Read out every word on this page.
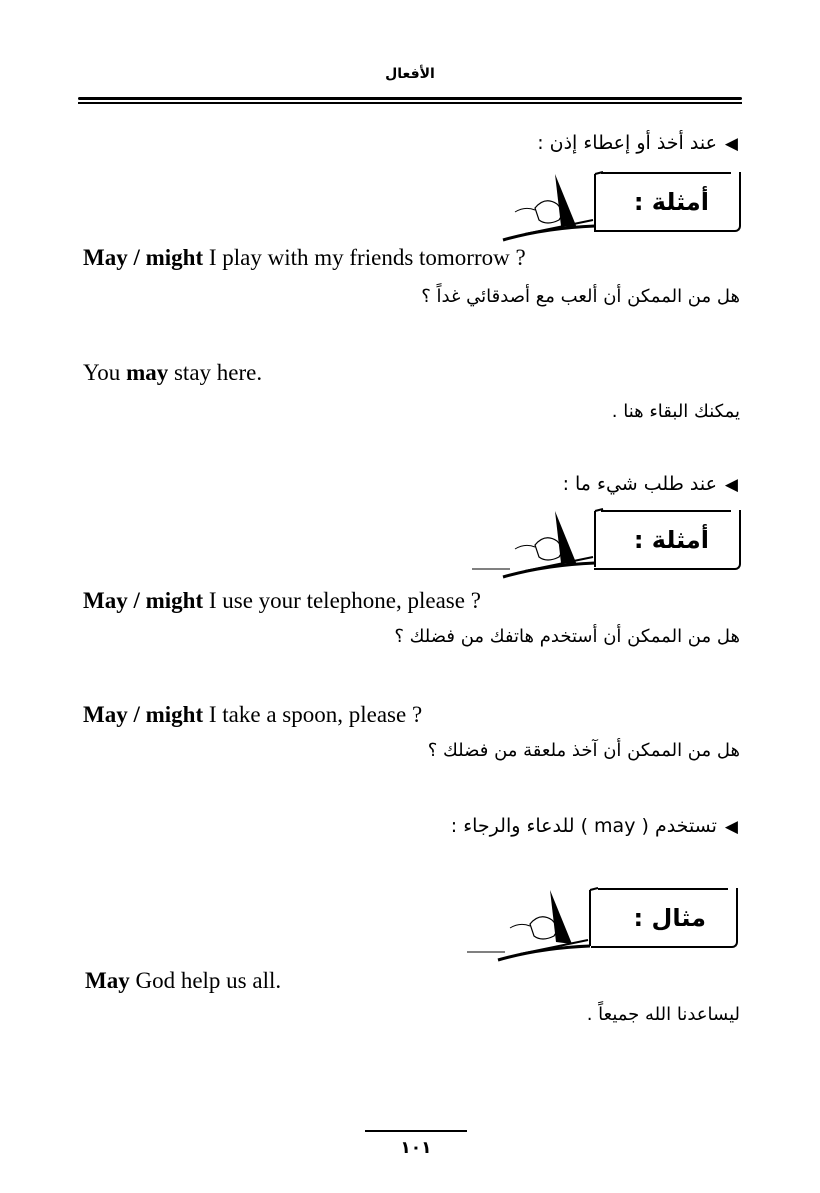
الأفعال
◀عند أخذ أو إعطاء إذن :
أمثلة :
May / might I play with my friends tomorrow ?
هل من الممكن أن ألعب مع أصدقائي غداً ؟
You may stay here.
يمكنك البقاء هنا .
◀عند طلب شيء ما :
أمثلة :
May / might I use your telephone, please ?
هل من الممكن أن أستخدم هاتفك من فضلك ؟
May / might I take a spoon, please ?
هل من الممكن أن آخذ ملعقة من فضلك ؟
◀تستخدم ( may ) للدعاء والرجاء :
مثال :
May God help us all.
ليساعدنا الله جميعاً .
١٠١
